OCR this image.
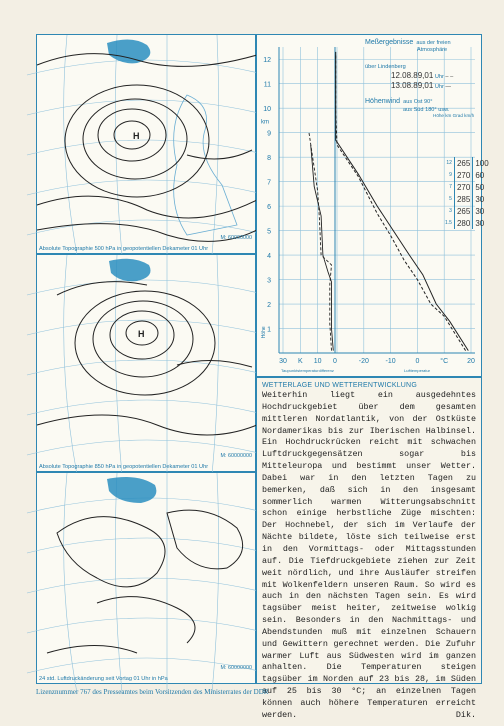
H
M: 60000000
Absolute Topographie 500 hPa in geopotentiellen Dekameter 01 Uhr
H
M: 60000000
Absolute Topographie 850 hPa in geopotentiellen Dekameter 01 Uhr
M: 60000000
24 std. Luftdruckänderung seit Vortag 01 Uhr in hPa
1
2
3
4
5
6
7
8
9
10
11
12
km
Höhe
30 K 10 0	-20 -10	0	°C	20
Taupunktstemperaturdifferenz	Lufttemperatur
Meßergebnisse aus der freien
Atmosphäre
über Lindenberg
12.08.89,01 Uhr – –
13.08.89,01 Uhr —
Höhenwind aus Ost 90°
aus Süd 180° usw.
Höhe km Grad km/h
12	265	100
9	270	60
7	270	50
5	285	30
3	265	30
1.5	280	30
WETTERLAGE UND WETTERENTWICKLUNG
Weiterhin liegt ein ausgedehntes Hochdruckgebiet über dem gesamten mittleren Nordatlantik, von der Ostküste Nordamerikas bis zur Iberischen Halbinsel. Ein Hochdruckrücken reicht mit schwachen Luftdruckgegensätzen sogar bis Mitteleuropa und bestimmt unser Wetter. Dabei war in den letzten Tagen zu bemerken, daß sich in den insgesamt sommerlich warmen Witterungsabschnitt schon einige herbstliche Züge mischten: Der Hochnebel, der sich im Verlaufe der Nächte bildete, löste sich teilweise erst in den Vormittags- oder Mittagsstunden auf. Die Tiefdruckgebiete ziehen zur Zeit weit nördlich, und ihre Ausläufer streifen mit Wolkenfeldern unseren Raum. So wird es auch in den nächsten Tagen sein. Es wird tagsüber meist heiter, zeitweise wolkig sein. Besonders in den Nachmittags- und Abendstunden muß mit einzelnen Schauern und Gewittern gerechnet werden. Die Zufuhr warmer Luft aus Südwesten wird im ganzen anhalten. Die Temperaturen steigen tagsüber im Norden auf 23 bis 28, im Süden auf 25 bis 30 °C; an einzelnen Tagen können auch höhere Temperaturen erreicht werden.	Dik.
Lizenznummer 767 des Presseamtes beim Vorsitzenden des Ministerrates der DDR
